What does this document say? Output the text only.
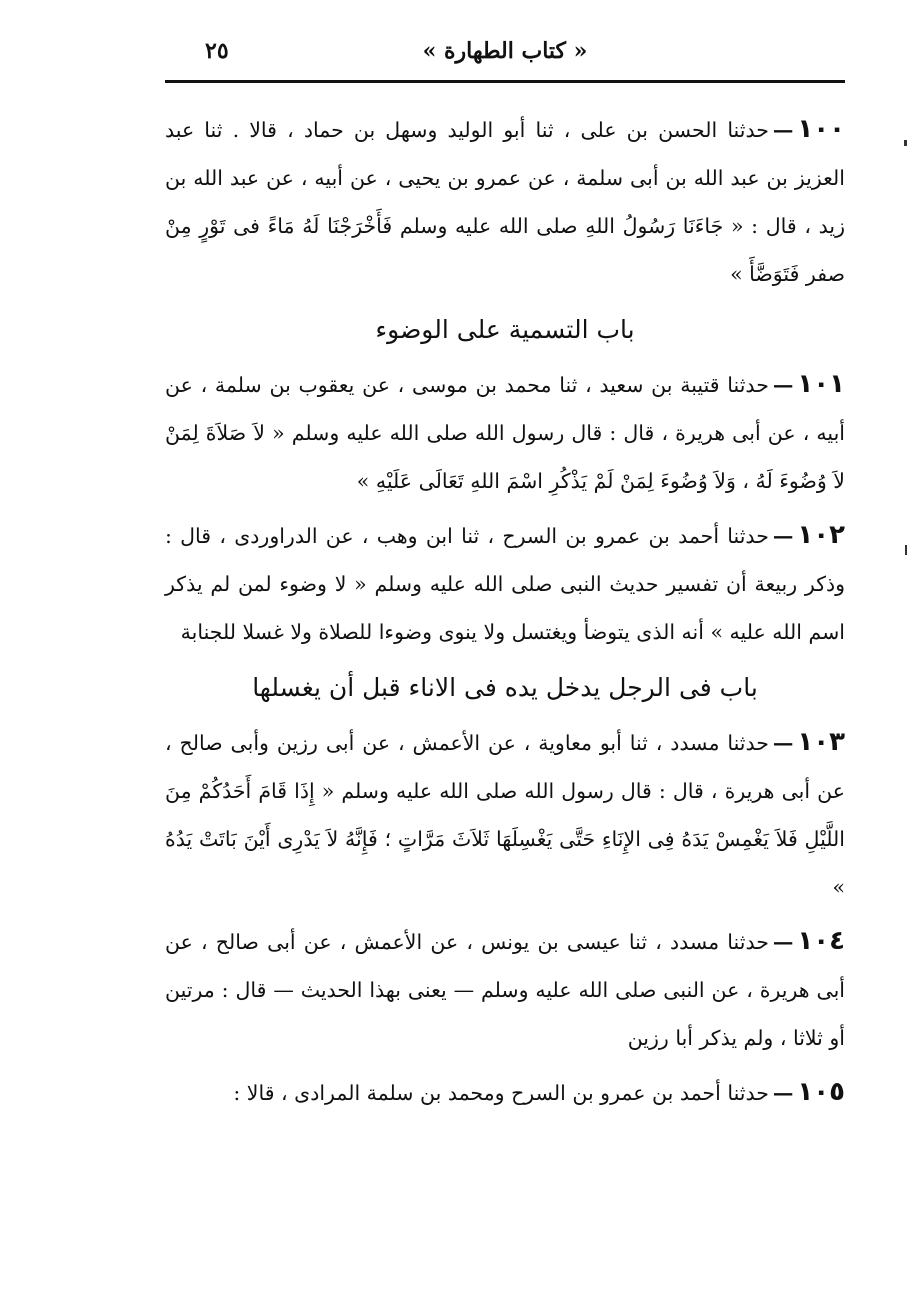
« كتاب الطهارة »
٢٥
١٠٠—حدثنا الحسن بن على ، ثنا أبو الوليد وسهل بن حماد ، قالا . ثنا عبد العزيز بن عبد الله بن أبى سلمة ، عن عمرو بن يحيى ، عن أبيه ، عن عبد الله بن زيد ، قال : « جَاءَنَا رَسُولُ اللهِ صلى الله عليه وسلم فَأَخْرَجْنَا لَهُ مَاءً فى تَوْرٍ مِنْ صفر فَتَوَضَّأَ »
باب التسمية على الوضوء
١٠١—حدثنا قتيبة بن سعيد ، ثنا محمد بن موسى ، عن يعقوب بن سلمة ، عن أبيه ، عن أبى هريرة ، قال : قال رسول الله صلى الله عليه وسلم « لاَ صَلاَةَ لِمَنْ لاَ وُضُوءَ لَهُ ، وَلاَ وُضُوءَ لِمَنْ لَمْ يَذْكُرِ اسْمَ اللهِ تَعَالَى عَلَيْهِ »
١٠٢—حدثنا أحمد بن عمرو بن السرح ، ثنا ابن وهب ، عن الدراوردى ، قال : وذكر ربيعة أن تفسير حديث النبى صلى الله عليه وسلم « لا وضوء لمن لم يذكر اسم الله عليه » أنه الذى يتوضأ ويغتسل ولا ينوى وضوءا للصلاة ولا غسلا للجنابة
باب فى الرجل يدخل يده فى الاناء قبل أن يغسلها
١٠٣—حدثنا مسدد ، ثنا أبو معاوية ، عن الأعمش ، عن أبى رزين وأبى صالح ، عن أبى هريرة ، قال : قال رسول الله صلى الله عليه وسلم « إِذَا قَامَ أَحَدُكُمْ مِنَ اللَّيْلِ فَلاَ يَغْمِسْ يَدَهُ فِى الإِنَاءِ حَتَّى يَغْسِلَهَا ثَلاَثَ مَرَّاتٍ ؛ فَإِنَّهُ لاَ يَدْرِى أَيْنَ بَاتَتْ يَدُهُ »
١٠٤—حدثنا مسدد ، ثنا عيسى بن يونس ، عن الأعمش ، عن أبى صالح ، عن أبى هريرة ، عن النبى صلى الله عليه وسلم — يعنى بهذا الحديث — قال : مرتين أو ثلاثا ، ولم يذكر أبا رزين
١٠٥—حدثنا أحمد بن عمرو بن السرح ومحمد بن سلمة المرادى ، قالا :
